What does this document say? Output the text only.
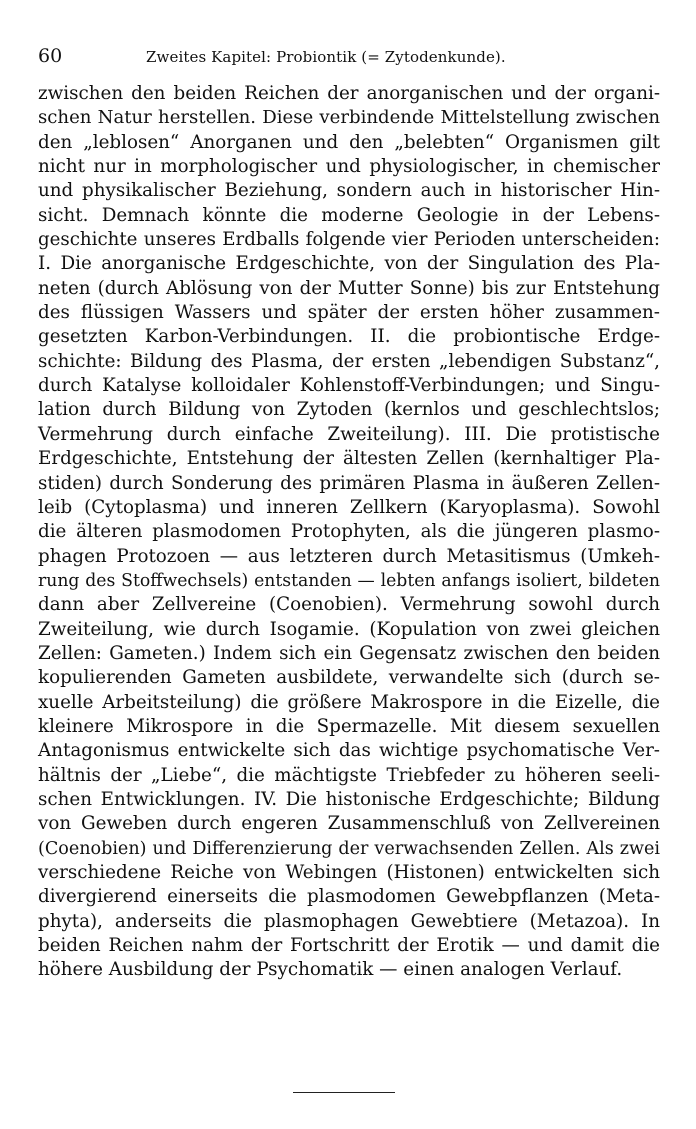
60	Zweites Kapitel: Probiontik (= Zytodenkunde).
zwischen den beiden Reichen der anorganischen und der organi-
schen Natur herstellen. Diese verbindende Mittelstellung zwischen
den „leblosen“ Anorganen und den „belebten“ Organismen gilt
nicht nur in morphologischer und physiologischer, in chemischer
und physikalischer Beziehung, sondern auch in historischer Hin-
sicht. Demnach könnte die moderne Geologie in der Lebens-
geschichte unseres Erdballs folgende vier Perioden unterscheiden:
I. Die anorganische Erdgeschichte, von der Singulation des Pla-
neten (durch Ablösung von der Mutter Sonne) bis zur Entstehung
des flüssigen Wassers und später der ersten höher zusammen-
gesetzten Karbon-Verbindungen. II. die probiontische Erdge-
schichte: Bildung des Plasma, der ersten „lebendigen Substanz“,
durch Katalyse kolloidaler Kohlenstoff-Verbindungen; und Singu-
lation durch Bildung von Zytoden (kernlos und geschlechtslos;
Vermehrung durch einfache Zweiteilung). III. Die protistische
Erdgeschichte, Entstehung der ältesten Zellen (kernhaltiger Pla-
stiden) durch Sonderung des primären Plasma in äußeren Zellen-
leib (Cytoplasma) und inneren Zellkern (Karyoplasma). Sowohl
die älteren plasmodomen Protophyten, als die jüngeren plasmo-
phagen Protozoen — aus letzteren durch Metasitismus (Umkeh-
rung des Stoffwechsels) entstanden — lebten anfangs isoliert, bildeten
dann aber Zellvereine (Coenobien). Vermehrung sowohl durch
Zweiteilung, wie durch Isogamie. (Kopulation von zwei gleichen
Zellen: Gameten.) Indem sich ein Gegensatz zwischen den beiden
kopulierenden Gameten ausbildete, verwandelte sich (durch se-
xuelle Arbeitsteilung) die größere Makrospore in die Eizelle, die
kleinere Mikrospore in die Spermazelle. Mit diesem sexuellen
Antagonismus entwickelte sich das wichtige psychomatische Ver-
hältnis der „Liebe“, die mächtigste Triebfeder zu höheren seeli-
schen Entwicklungen. IV. Die histonische Erdgeschichte; Bildung
von Geweben durch engeren Zusammenschluß von Zellvereinen
(Coenobien) und Differenzierung der verwachsenden Zellen. Als zwei
verschiedene Reiche von Webingen (Histonen) entwickelten sich
divergierend einerseits die plasmodomen Gewebpflanzen (Meta-
phyta), anderseits die plasmophagen Gewebtiere (Metazoa). In
beiden Reichen nahm der Fortschritt der Erotik — und damit die
höhere Ausbildung der Psychomatik — einen analogen Verlauf.
